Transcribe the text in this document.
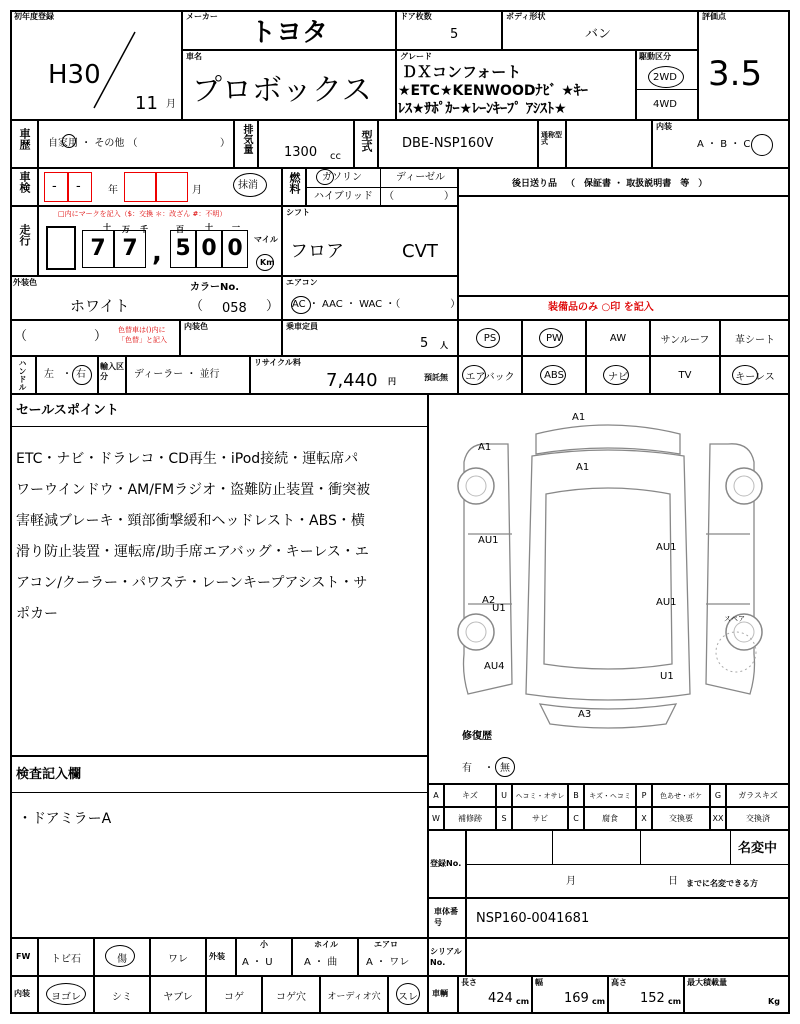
初年度登録
H30
11 月
メーカー
トヨタ
ドア枚数
5
ボディ形状
バン
評価点
3.5
車名
プロボックス
グレード
ＤＸコンフォート
★ETC★KENWOODﾅﾋﾞ ★ｷｰ
ﾚｽ★ｻﾎﾟｶｰ★ﾚｰﾝｷｰﾌﾟ ｱｼｽﾄ★
駆動区分
2WD
4WD
車歴 自家用 ・ その他 （	） 排気量 1300 cc
型式 DBE-NSP160V
通称型式
内装
A ・ B ・ C
車検 - -	年	月	抹消	燃料 ガソリン	ディーゼル
ハイブリッド （　　　　　）
後日送り品 （　保証書 ・ 取扱説明書　等　）
走行
□内にマークを記入（$：交換 ＊：改ざん #：不明）
7 7	5 0 0
,
十 万 千	百	十 一
マイル
Km
シフト
フロア	CVT
外装色
ホワイト
カラーNo.
（ 058 ）
エアコン
AC ・ AAC ・ WAC ・（　　　　　）	装備品のみ ○印 を記入
（	） 色替車は()内に「色替」と記入
内装色	乗車定員
5 人
PS	PW	AW	サンルーフ	革シート
ハンドル 左 ・ 右
輸入区分	ディーラー ・ 並行
リサイクル料
7,440 円	預託無 エアバック	ABS	ナビ	TV	キーレス
セールスポイント
ETC・ナビ・ドラレコ・CD再生・iPod接続・運転席パ
ワーウインドウ・AM/FMラジオ・盗難防止装置・衝突被
害軽減ブレーキ・頸部衝撃緩和ヘッドレスト・ABS・横
滑り防止装置・運転席/助手席エアバッグ・キーレス・エ
アコン/クーラー・パワステ・レーンキープアシスト・サ
ポカー
検査記入欄
・ドアミラーA
A1
A1
A1
AU1
AU1
A2
U1
AU1
AU4
U1
A3
スペア
修復歴
有 ・ 無
A	キズ	U	ヘコミ・オサレ	B	キズ・ヘコミ	P	色あせ・ボケ	G	ガラスキズ
W	補修跡	S	サビ	C	腐食	X	交換要	XX	交換済
登録No.
名変中
月	日 までに名変できる方
車体番号	NSP160-0041681
FW トビ石	傷	ワレ	外装
小
A ・ U
ホイル
A ・ 曲
エアロ
A ・ ワレ
シリアルNo.
内装 ヨゴレ	シミ	ヤブレ	コゲ	コゲ穴 オーディオ穴 スレ 車輌
長さ
424 cm
幅
169 cm
高さ
152 cm
最大積載量
Kg
